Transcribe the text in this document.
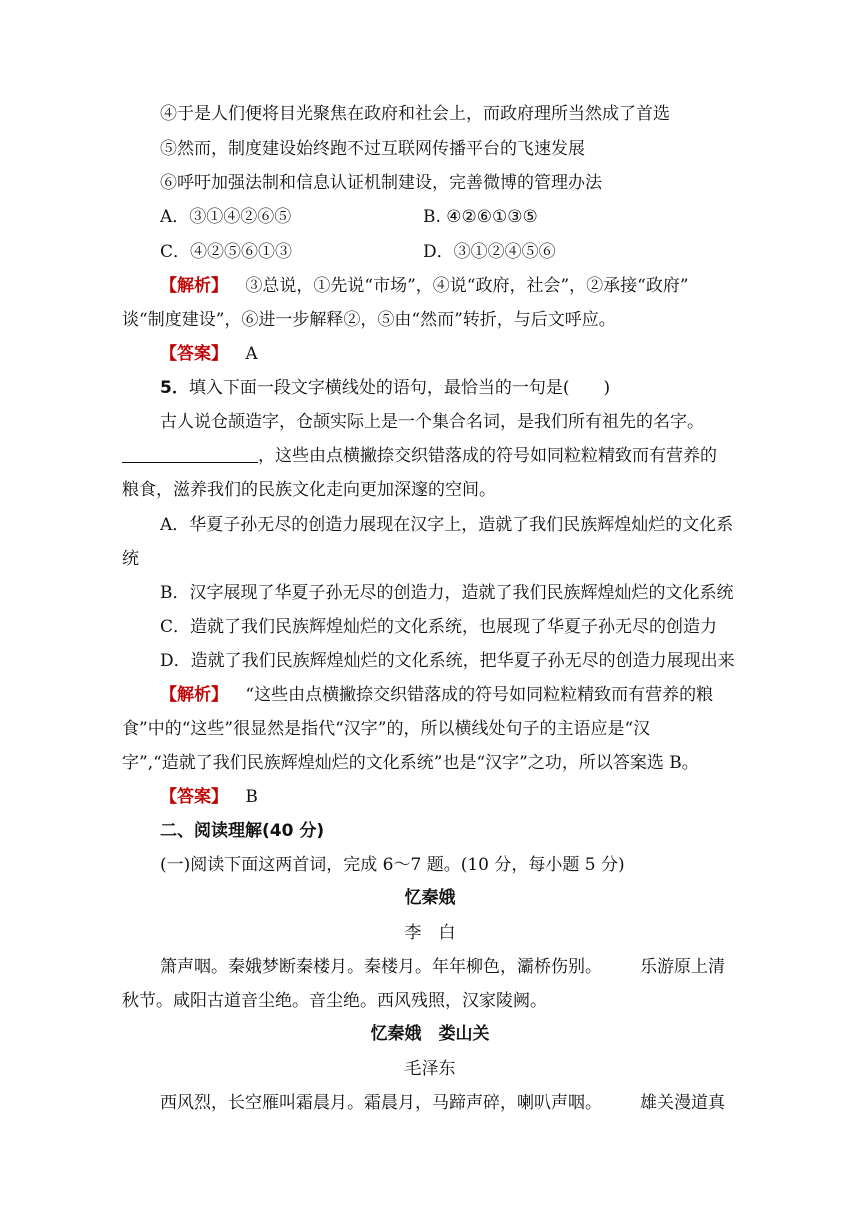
④于是人们便将目光聚焦在政府和社会上，而政府理所当然成了首选
⑤然而，制度建设始终跑不过互联网传播平台的飞速发展
⑥呼吁加强法制和信息认证机制建设，完善微博的管理办法
A．③①④②⑥⑤	B. ④②⑥①③⑤
C．④②⑤⑥①③	D．③①②④⑤⑥
【解析】 ③总说，①先说“市场”，④说“政府，社会”，②承接“政府”
谈“制度建设”，⑥进一步解释②，⑤由“然而”转折，与后文呼应。
【答案】 A
5．填入下面一段文字横线处的语句，最恰当的一句是(　　)
古人说仓颉造字，仓颉实际上是一个集合名词，是我们所有祖先的名字。
，这些由点横撇捺交织错落成的符号如同粒粒精致而有营养的
粮食，滋养我们的民族文化走向更加深邃的空间。
A．华夏子孙无尽的创造力展现在汉字上，造就了我们民族辉煌灿烂的文化系
统
B．汉字展现了华夏子孙无尽的创造力，造就了我们民族辉煌灿烂的文化系统
C．造就了我们民族辉煌灿烂的文化系统，也展现了华夏子孙无尽的创造力
D．造就了我们民族辉煌灿烂的文化系统，把华夏子孙无尽的创造力展现出来
【解析】 “这些由点横撇捺交织错落成的符号如同粒粒精致而有营养的粮
食”中的“这些”很显然是指代“汉字”的，所以横线处句子的主语应是“汉
字”,“造就了我们民族辉煌灿烂的文化系统”也是“汉字”之功，所以答案选 B。
【答案】 B
二、阅读理解(40 分)
(一)阅读下面这两首词，完成 6～7 题。(10 分，每小题 5 分)
忆秦娥
李　白
箫声咽。秦娥梦断秦楼月。秦楼月。年年柳色，灞桥伤别。 乐游原上清
秋节。咸阳古道音尘绝。音尘绝。西风残照，汉家陵阙。
忆秦娥　娄山关
毛泽东
西风烈，长空雁叫霜晨月。霜晨月，马蹄声碎，喇叭声咽。 雄关漫道真
